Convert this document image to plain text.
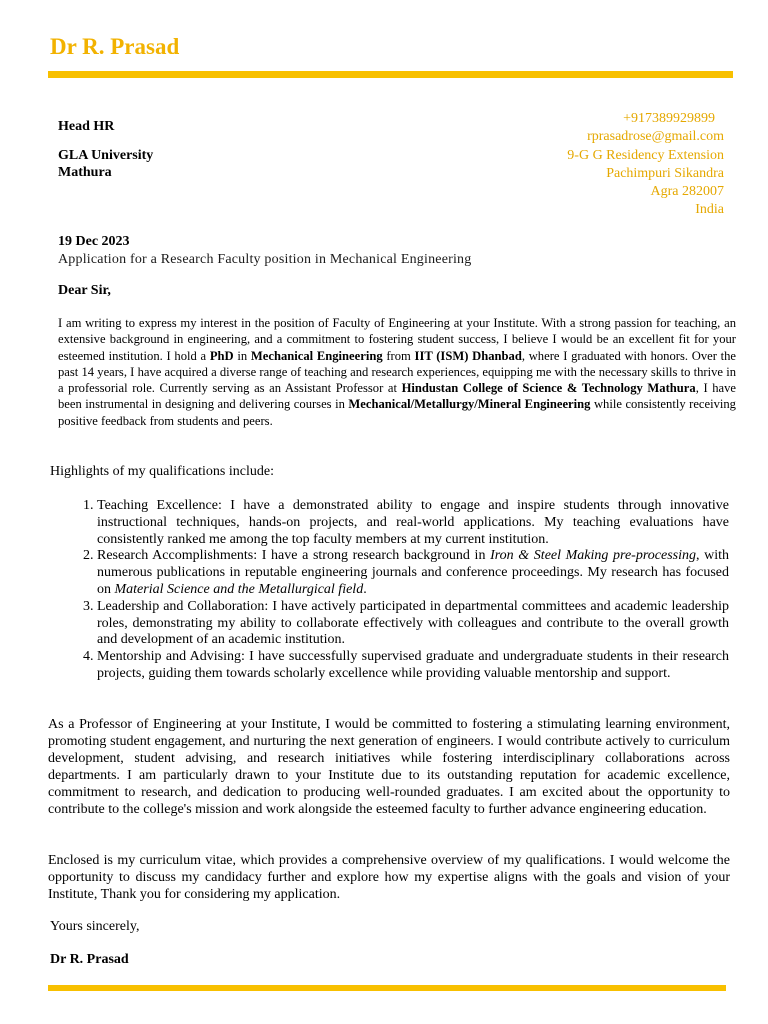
Dr R. Prasad
Head HR
GLA University
Mathura
+917389929899
rprasadrose@gmail.com
9-G G Residency Extension
Pachimpuri Sikandra
Agra 282007
India
19 Dec 2023
Application for a Research Faculty position in Mechanical Engineering
Dear Sir,
I am writing to express my interest in the position of Faculty of Engineering at your Institute. With a strong passion for teaching, an extensive background in engineering, and a commitment to fostering student success, I believe I would be an excellent fit for your esteemed institution. I hold a PhD in Mechanical Engineering from IIT (ISM) Dhanbad, where I graduated with honors. Over the past 14 years, I have acquired a diverse range of teaching and research experiences, equipping me with the necessary skills to thrive in a professorial role. Currently serving as an Assistant Professor at Hindustan College of Science & Technology Mathura, I have been instrumental in designing and delivering courses in Mechanical/Metallurgy/Mineral Engineering while consistently receiving positive feedback from students and peers.
Highlights of my qualifications include:
1. Teaching Excellence: I have a demonstrated ability to engage and inspire students through innovative instructional techniques, hands-on projects, and real-world applications. My teaching evaluations have consistently ranked me among the top faculty members at my current institution.
2. Research Accomplishments: I have a strong research background in Iron & Steel Making pre-processing, with numerous publications in reputable engineering journals and conference proceedings. My research has focused on Material Science and the Metallurgical field.
3. Leadership and Collaboration: I have actively participated in departmental committees and academic leadership roles, demonstrating my ability to collaborate effectively with colleagues and contribute to the overall growth and development of an academic institution.
4. Mentorship and Advising: I have successfully supervised graduate and undergraduate students in their research projects, guiding them towards scholarly excellence while providing valuable mentorship and support.
As a Professor of Engineering at your Institute, I would be committed to fostering a stimulating learning environment, promoting student engagement, and nurturing the next generation of engineers. I would contribute actively to curriculum development, student advising, and research initiatives while fostering interdisciplinary collaborations across departments. I am particularly drawn to your Institute due to its outstanding reputation for academic excellence, commitment to research, and dedication to producing well-rounded graduates. I am excited about the opportunity to contribute to the college's mission and work alongside the esteemed faculty to further advance engineering education.
Enclosed is my curriculum vitae, which provides a comprehensive overview of my qualifications. I would welcome the opportunity to discuss my candidacy further and explore how my expertise aligns with the goals and vision of your Institute, Thank you for considering my application.
Yours sincerely,
Dr R. Prasad
